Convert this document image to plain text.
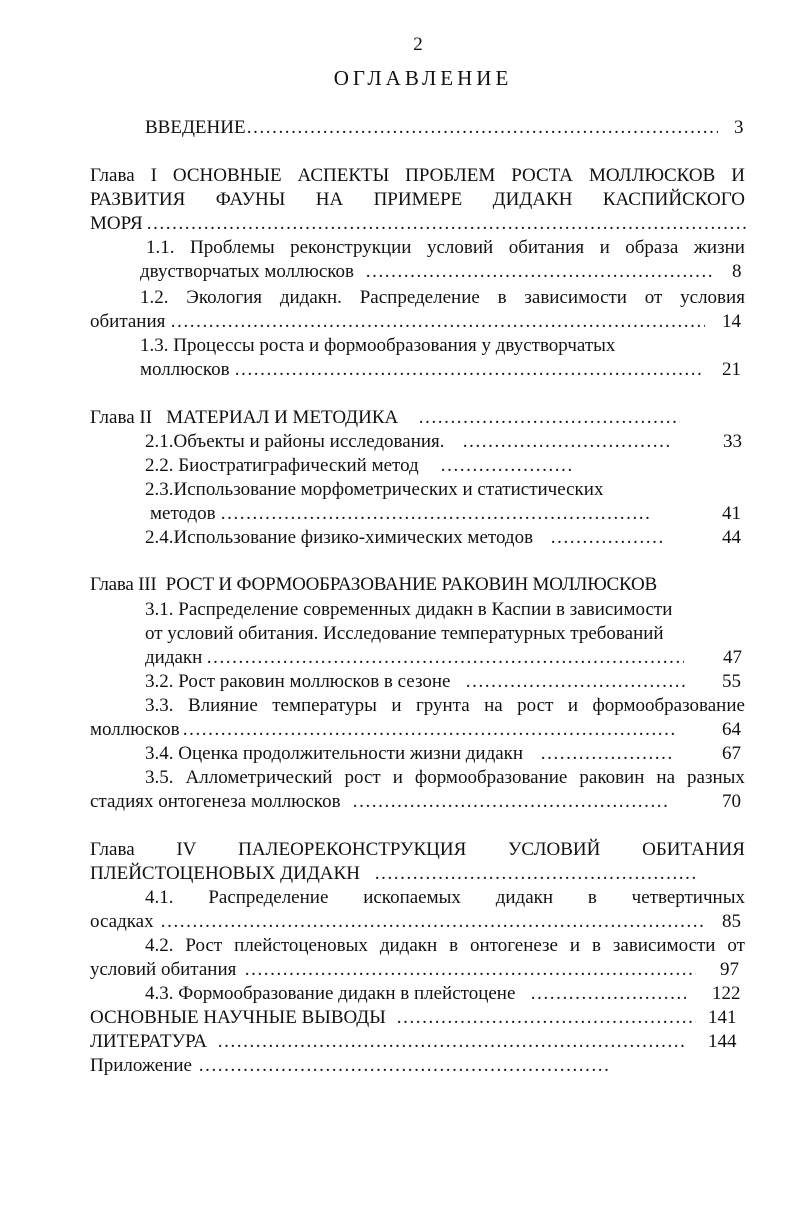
2
ОГЛАВЛЕНИЕ
ВВЕДЕНИЕ …………………………………………………………………………………………………………………………………………………………………	3
Глава I ОСНОВНЫЕ АСПЕКТЫ ПРОБЛЕМ РОСТА МОЛЛЮСКОВ И
РАЗВИТИЯ ФАУНЫ НА ПРИМЕРЕ ДИДАКН КАСПИЙСКОГО
МОРЯ
…………………………………………………………………………………………………………………………………………………………………
1.1. Проблемы реконструкции условий обитания и образа жизни
двустворчатых моллюсков …………………………………………………………………………………………………………………………………………………………………	8
1.2. Экология дидакн. Распределение в зависимости от условия
обитания …………………………………………………………………………………………………………………………………………………………………	14
1.3. Процессы роста и формообразования у двустворчатых
моллюсков …………………………………………………………………………………………………………………………………………………………………	21
Глава II   МАТЕРИАЛ И МЕТОДИКА
…………………………………………………………………………………………………………………………………………………………………
2.1.Объекты и районы исследования. …………………………………………………………………………………………………………………………………………………………………	33
2.2. Биостратиграфический метод
…………………………………………………………………………………………………………………………………………………………………
2.3.Использование морфометрических и статистических
методов …………………………………………………………………………………………………………………………………………………………………	41
2.4.Использование физико-химических методов …………………………………………………………………………………………………………………………………………………………………	44
Глава III  РОСТ И ФОРМООБРАЗОВАНИЕ РАКОВИН МОЛЛЮСКОВ
3.1. Распределение современных дидакн в Каспии в зависимости
от условий обитания. Исследование температурных требований
дидакн …………………………………………………………………………………………………………………………………………………………………	47
3.2. Рост раковин моллюсков в сезоне …………………………………………………………………………………………………………………………………………………………………	55
3.3. Влияние температуры и грунта на рост и формообразование
моллюсков …………………………………………………………………………………………………………………………………………………………………	64
3.4. Оценка продолжительности жизни дидакн …………………………………………………………………………………………………………………………………………………………………	67
3.5. Аллометрический рост и формообразование раковин на разных
стадиях онтогенеза моллюсков …………………………………………………………………………………………………………………………………………………………………	70
Глава IV ПАЛЕОРЕКОНСТРУКЦИЯ УСЛОВИЙ ОБИТАНИЯ
ПЛЕЙСТОЦЕНОВЫХ ДИДАКН
…………………………………………………………………………………………………………………………………………………………………
4.1. Распределение ископаемых дидакн в четвертичных
осадках …………………………………………………………………………………………………………………………………………………………………	85
4.2. Рост плейстоценовых дидакн в онтогенезе и в зависимости от
условий обитания …………………………………………………………………………………………………………………………………………………………………	97
4.3. Формообразование дидакн в плейстоцене …………………………………………………………………………………………………………………………………………………………………	122
ОСНОВНЫЕ НАУЧНЫЕ ВЫВОДЫ …………………………………………………………………………………………………………………………………………………………………	141
ЛИТЕРАТУРА …………………………………………………………………………………………………………………………………………………………………	144
Приложение
…………………………………………………………………………………………………………………………………………………………………
